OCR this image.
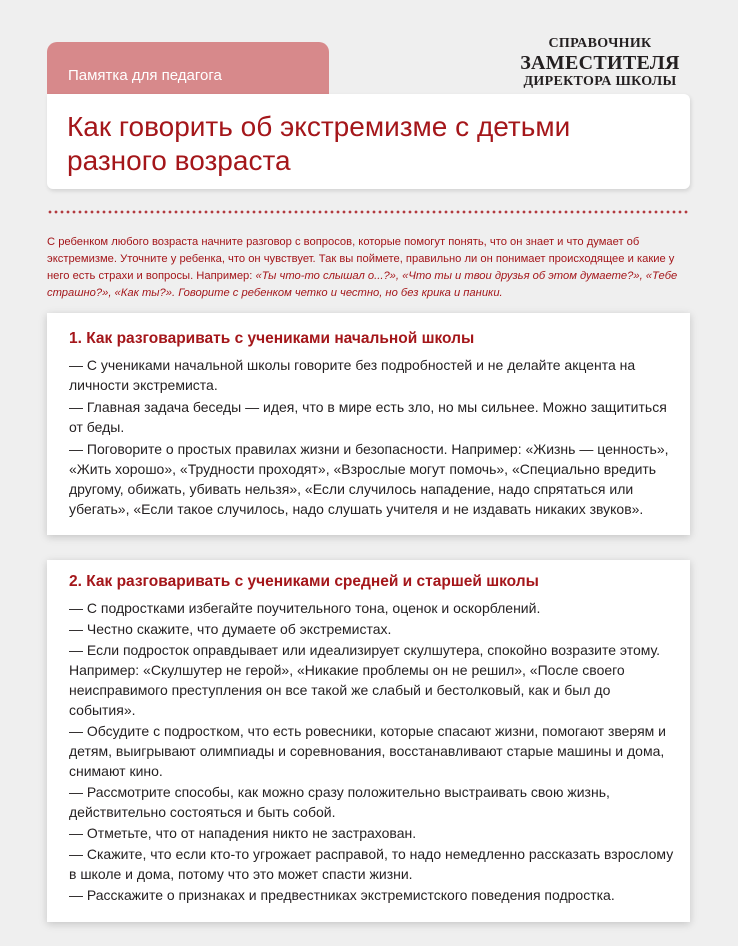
Памятка для педагога
СПРАВОЧНИК
ЗАМЕСТИТЕЛЯ
ДИРЕКТОРА ШКОЛЫ
Как говорить об экстремизме с детьми разного возраста
С ребенком любого возраста начните разговор с вопросов, которые помогут понять, что он знает и что думает об экстремизме. Уточните у ребенка, что он чувствует. Так вы поймете, правильно ли он понимает происходящее и какие у него есть страхи и вопросы. Например: «Ты что-то слышал о...?», «Что ты и твои друзья об этом думаете?», «Тебе страшно?», «Как ты?». Говорите с ребенком четко и честно, но без крика и паники.
1. Как разговаривать с учениками начальной школы

— С учениками начальной школы говорите без подробностей и не делайте акцента на личности экстремиста.

— Главная задача беседы — идея, что в мире есть зло, но мы сильнее. Можно защититься от беды.

— Поговорите о простых правилах жизни и безопасности. Например: «Жизнь — ценность», «Жить хорошо», «Трудности проходят», «Взрослые могут помочь», «Специально вредить другому, обижать, убивать нельзя», «Если случилось нападение, надо спрятаться или убегать», «Если такое случилось, надо слушать учителя и не издавать никаких звуков».

2. Как разговаривать с учениками средней и старшей школы

— С подростками избегайте поучительного тона, оценок и оскорблений.

— Честно скажите, что думаете об экстремистах.

— Если подросток оправдывает или идеализирует скулшутера, спокойно возразите этому. Например: «Скулшутер не герой», «Никакие проблемы он не решил», «После своего неисправимого преступления он все такой же слабый и бестолковый, как и был до события».

— Обсудите с подростком, что есть ровесники, которые спасают жизни, помогают зверям и детям, выигрывают олимпиады и соревнования, восстанавливают старые машины и дома, снимают кино.

— Рассмотрите способы, как можно сразу положительно выстраивать свою жизнь, действительно состояться и быть собой.

— Отметьте, что от нападения никто не застрахован.

— Скажите, что если кто-то угрожает расправой, то надо немедленно рассказать взрослому в школе и дома, потому что это может спасти жизни.

— Расскажите о признаках и предвестниках экстремистского поведения подростка.
